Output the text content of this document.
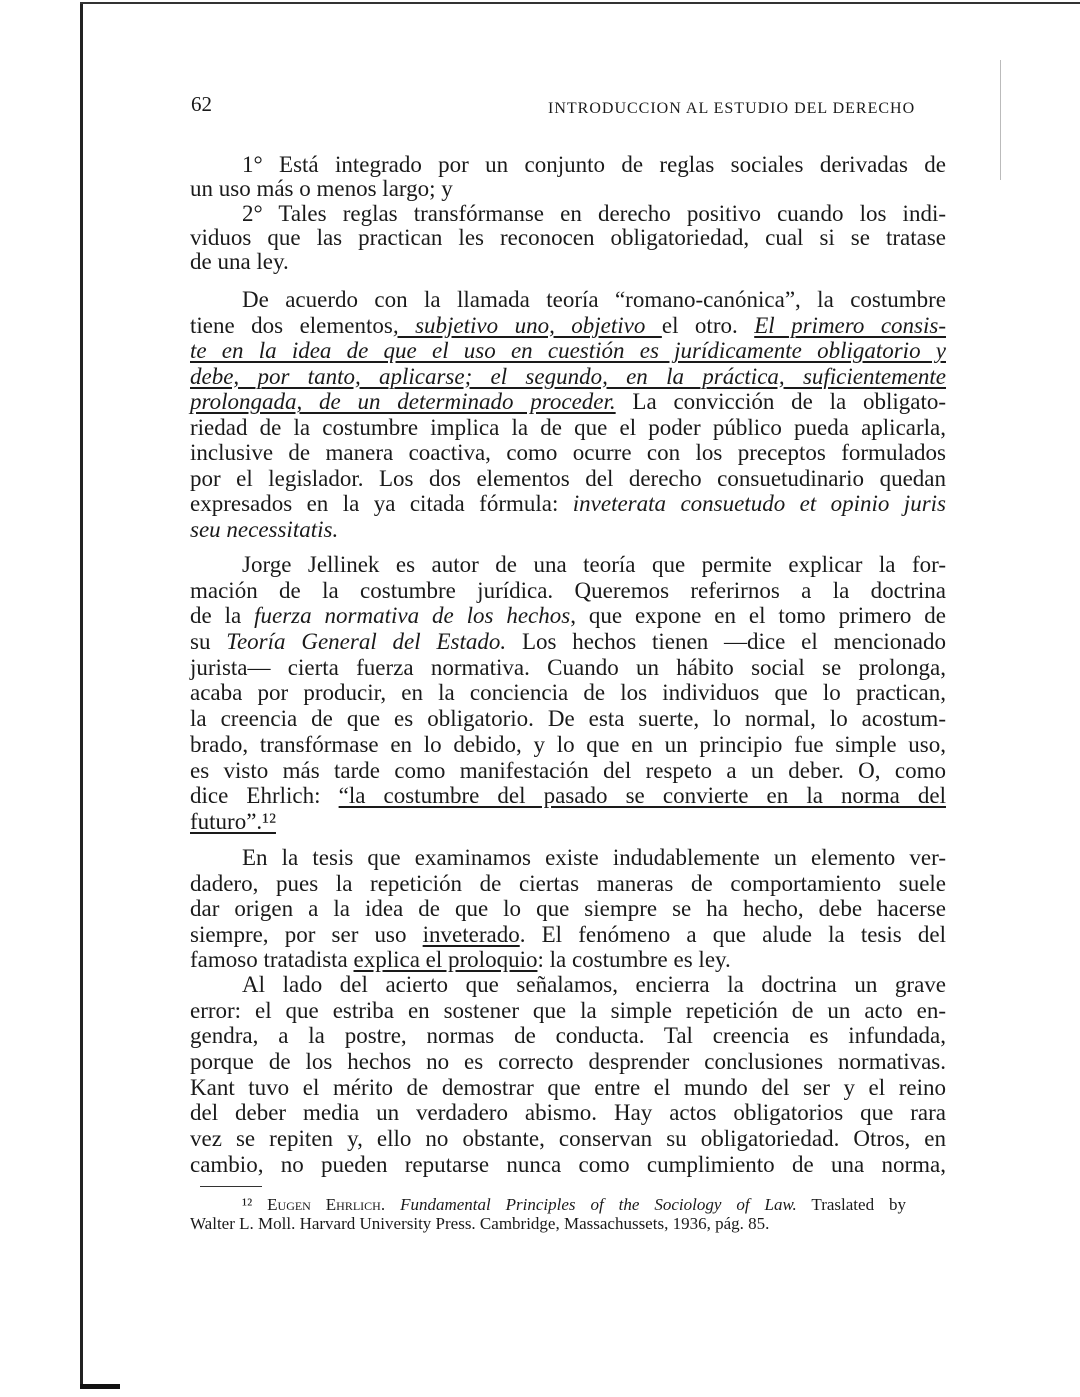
62	INTRODUCCION AL ESTUDIO DEL DERECHO
1° Está integrado por un conjunto de reglas sociales derivadas de
un uso más o menos largo; y
2° Tales reglas transfórmanse en derecho positivo cuando los indi-
viduos que las practican les reconocen obligatoriedad, cual si se tratase
de una ley.
De acuerdo con la llamada teoría “romano-canónica”, la costumbre
tiene dos elementos, subjetivo uno, objetivo el otro. El primero consis-
te en la idea de que el uso en cuestión es jurídicamente obligatorio y
debe, por tanto, aplicarse; el segundo, en la práctica, suficientemente
prolongada, de un determinado proceder. La convicción de la obligato-
riedad de la costumbre implica la de que el poder público pueda aplicarla,
inclusive de manera coactiva, como ocurre con los preceptos formulados
por el legislador. Los dos elementos del derecho consuetudinario quedan
expresados en la ya citada fórmula: inveterata consuetudo et opinio juris
seu necessitatis.
Jorge Jellinek es autor de una teoría que permite explicar la for-
mación de la costumbre jurídica. Queremos referirnos a la doctrina
de la fuerza normativa de los hechos, que expone en el tomo primero de
su Teoría General del Estado. Los hechos tienen —dice el mencionado
jurista— cierta fuerza normativa. Cuando un hábito social se prolonga,
acaba por producir, en la conciencia de los individuos que lo practican,
la creencia de que es obligatorio. De esta suerte, lo normal, lo acostum-
brado, transfórmase en lo debido, y lo que en un principio fue simple uso,
es visto más tarde como manifestación del respeto a un deber. O, como
dice Ehrlich: “la costumbre del pasado se convierte en la norma del
futuro”.¹²
En la tesis que examinamos existe indudablemente un elemento ver-
dadero, pues la repetición de ciertas maneras de comportamiento suele
dar origen a la idea de que lo que siempre se ha hecho, debe hacerse
siempre, por ser uso inveterado. El fenómeno a que alude la tesis del
famoso tratadista explica el proloquio: la costumbre es ley.
Al lado del acierto que señalamos, encierra la doctrina un grave
error: el que estriba en sostener que la simple repetición de un acto en-
gendra, a la postre, normas de conducta. Tal creencia es infundada,
porque de los hechos no es correcto desprender conclusiones normativas.
Kant tuvo el mérito de demostrar que entre el mundo del ser y el reino
del deber media un verdadero abismo. Hay actos obligatorios que rara
vez se repiten y, ello no obstante, conservan su obligatoriedad. Otros, en
cambio, no pueden reputarse nunca como cumplimiento de una norma,
¹² Eugen Ehrlich. Fundamental Principles of the Sociology of Law. Traslated by
Walter L. Moll. Harvard University Press. Cambridge, Massachussets, 1936, pág. 85.
